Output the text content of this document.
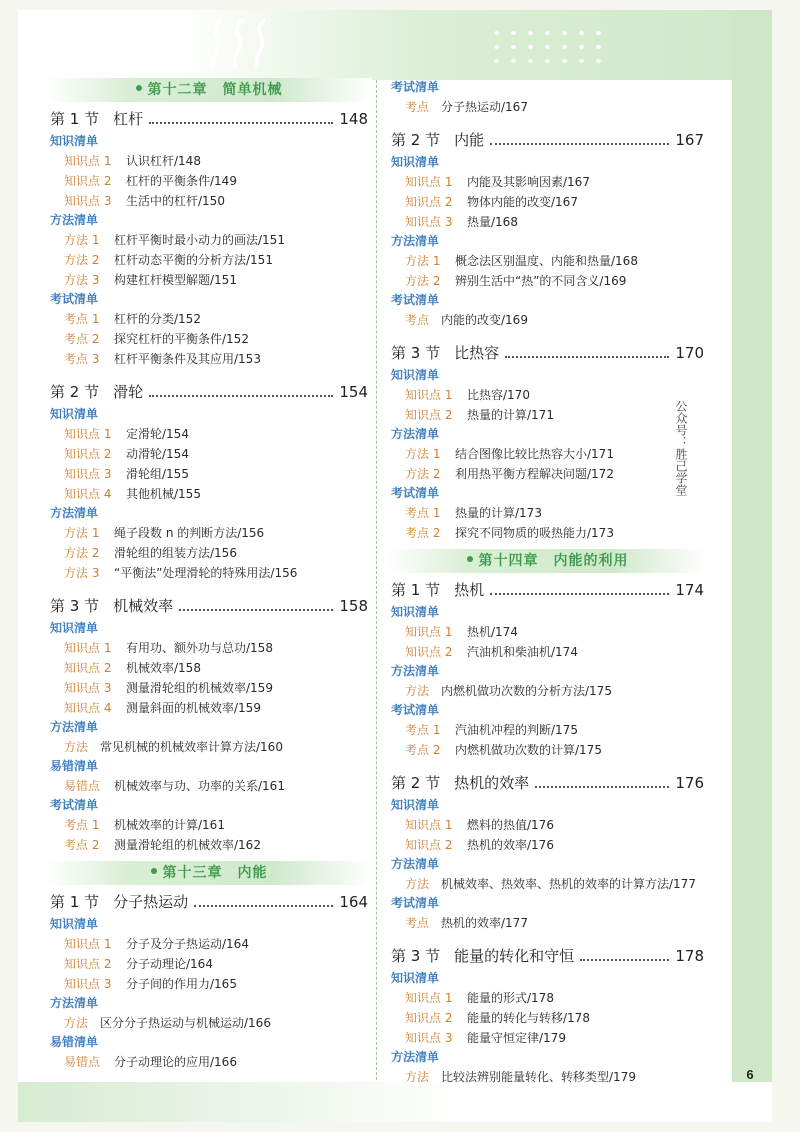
第十二章　简单机械
第 1 节 杠杆	148
知识清单
知识点 1 认识杠杆/148
知识点 2 杠杆的平衡条件/149
知识点 3 生活中的杠杆/150
方法清单
方法 1 杠杆平衡时最小动力的画法/151
方法 2 杠杆动态平衡的分析方法/151
方法 3 构建杠杆模型解题/151
考试清单
考点 1 杠杆的分类/152
考点 2 探究杠杆的平衡条件/152
考点 3 杠杆平衡条件及其应用/153
第 2 节 滑轮	154
知识清单
知识点 1 定滑轮/154
知识点 2 动滑轮/154
知识点 3 滑轮组/155
知识点 4 其他机械/155
方法清单
方法 1 绳子段数 n 的判断方法/156
方法 2 滑轮组的组装方法/156
方法 3 “平衡法”处理滑轮的特殊用法/156
第 3 节 机械效率	158
知识清单
知识点 1 有用功、额外功与总功/158
知识点 2 机械效率/158
知识点 3 测量滑轮组的机械效率/159
知识点 4 测量斜面的机械效率/159
方法清单
方法 常见机械的机械效率计算方法/160
易错清单
易错点 机械效率与功、功率的关系/161
考试清单
考点 1 机械效率的计算/161
考点 2 测量滑轮组的机械效率/162
第十三章　内能
第 1 节 分子热运动	164
知识清单
知识点 1 分子及分子热运动/164
知识点 2 分子动理论/164
知识点 3 分子间的作用力/165
方法清单
方法 区分分子热运动与机械运动/166
易错清单
易错点 分子动理论的应用/166
考试清单
考点 分子热运动/167
第 2 节 内能	167
知识清单
知识点 1 内能及其影响因素/167
知识点 2 物体内能的改变/167
知识点 3 热量/168
方法清单
方法 1 概念法区别温度、内能和热量/168
方法 2 辨别生活中“热”的不同含义/169
考试清单
考点 内能的改变/169
第 3 节 比热容	170
知识清单
知识点 1 比热容/170
知识点 2 热量的计算/171
方法清单
方法 1 结合图像比较比热容大小/171
方法 2 利用热平衡方程解决问题/172
考试清单
考点 1 热量的计算/173
考点 2 探究不同物质的吸热能力/173
第十四章　内能的利用
第 1 节 热机	174
知识清单
知识点 1 热机/174
知识点 2 汽油机和柴油机/174
方法清单
方法 内燃机做功次数的分析方法/175
考试清单
考点 1 汽油机冲程的判断/175
考点 2 内燃机做功次数的计算/175
第 2 节 热机的效率	176
知识清单
知识点 1 燃料的热值/176
知识点 2 热机的效率/176
方法清单
方法 机械效率、热效率、热机的效率的计算方法/177
考试清单
考点 热机的效率/177
第 3 节 能量的转化和守恒	178
知识清单
知识点 1 能量的形式/178
知识点 2 能量的转化与转移/178
知识点 3 能量守恒定律/179
方法清单
方法 比较法辨别能量转化、转移类型/179
公众号：胜己学堂
6
